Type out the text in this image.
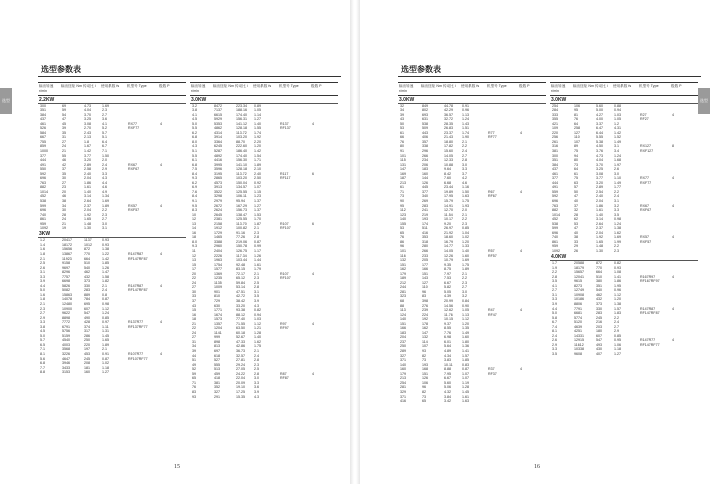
选型参数表
选型
输出转速 r/min
输出扭矩 Nm 传动比 i	使用系数 fs	机型号 Type	极数 P
2.2KW
300	69	4.73	1.69
351	59	4.04	2.3
384	54	3.70	2.7
437	47	3.25	3.6
461	45	3.08	4.1	RX77	4
526	39	2.70	5.2	RXF77
584	35	2.43	5.7
667	31	2.13	5.1
755	27	1.8	6.4
859	24	1.67	6.7
1000	21	1.42	7.1
377	55	3.77	1.50
444	46	3.20	2.0
491	42	2.89	2.4	RX67	4
550	37	2.58	2.9	RXF67
592	35	2.40	3.3
696	30	2.04	4.3
763	27	1.86	4.4
882	23	1.61	4.6
1014	20	1.40	4.9
452	46	3.14	1.34
538	38	2.64	1.69
599	34	2.37	1.89	RX57	4
696	30	2.04	2.2	RXF57
740	28	1.92	2.3
861	24	1.65	2.7
959	21	1.48	3.0
1092	19	1.30	3.1
3KW
1.2	20417	1137	0.93
1.4	18172	1012	0.93
1.6	15656	872	1.38
1.8	13867	770	1.22	R147R87	4
2.1	11923	664	1.42	RF147RF87
2.5	9158	510	1.85
2.6	9697	540	1.26
3.1	8296	462	1.47
3.3	7757	432	1.58
3.9	6698	373	1.82
4.4	5826	330	2.1	R147R87	4
5.0	5082	283	2.4	RF147RF87
1.6	15863	889	0.8
1.8	14078	784	0.87
2.1	12480	695	0.98
2.3	10900	607	1.12
2.7	9622	547	1.24
2.9	8898	490	0.85
3.3	7772	428	0.97	R137R77	4
3.8	6791	374	1.11	RF137RF77
4.5	5756	317	1.31
5.0	5159	286	1.45
5.7	4540	250	1.65
6.5	4003	220	1.89
7.1	3568	197	2.1
8.1	3226	453	0.91	R107R77	4
5.6	4647	245	0.87	RF107RF77
6.8	3946	208	1.02
7.7	3433	181	1.18
8.8	3153	160	1.27
输出转速 r/min
输出扭矩 Nm 传动比 i	使用系数 fs	机型号 Type	极数 P
3.0KW
3.2	8472	223.34	0.89
3.8	7137	188.16	1.05
4.1	6615	174.40	1.14
4.5	5929	156.31	1.27
5.0	5353	141.12	1.40	R137	4
5.5	4862	128.18	1.55	RF137
6.2	4314	113.72	1.74
6.8	3914	103.20	1.92
8.0	3364	88.70	2.20
4.3	6245	222.60	1.20
5.1	5287	186.40	1.42
5.5	4892	174.40	1.54
6.1	4416	156.30	1.71
6.8	3995	141.10	1.89
7.5	3596	128.18	2.10
8.4	3195	113.72	2.40	R117	6
9.3	2865	103.20	2.50	RF117
6.2	4573	150.04	0.92
6.9	3913	134.57	1.07
7.6	3522	125.55	1.15
8.4	3298	106.11	1.23
9.1	2979	95.94	1.37
9.5	2672	167.29	1.27
8.3	2624	156.73	1.37
10	2645	138.47	1.53
12	2381	125.55	1.70
13	2158	113.70	1.87	R107	6
14	1912	100.82	2.1	RF107
16	1729	91.16	2.3
18	1465	77.26	2.8
8.0	3388	219.06	0.87
9.3	2960	150.78	0.99
11	2404	126.75	1.17
12	2226	117.34	1.26
13	1963	103.44	1.44
15	1754	92.48	1.61
17	1577	83.15	1.79
20	1369	72.17	2.1	R107	4
22	1235	65.12	2.3	RF107
24	1135	59.84	2.5
27	1009	53.14	2.8
30	901	47.51	3.1
33	810	42.72	3.5
37	729	38.42	3.9
43	630	33.20	4.3
15	1771	93.38	0.82
16	1674	88.12	0.94
18	1573	77.40	1.03
21	1357	71.55	1.12	R97	4
22	1204	63.50	1.21	RF97
24	1141	60.18	1.28
27	999	52.67	1.40
31	898	47.33	1.62
34	813	42.86	1.75
39	697	36.73	2.1
44	618	32.57	2.4
51	527	27.81	2.8
49	555	29.24	2.3
52	513	27.05	2.5
59	459	24.22	2.8	R87	4
65	418	22.04	3.0	RF87
71	381	20.09	3.3
76	352	19.10	3.6
83	327	17.25	3.9
93	291	15.35	4.3
15
选型参数表
选型
输出转速 r/min
输出扭矩 Nm 传动比 i	使用系数 fs	机型号 Type	极数 P
3.0KW
32	849	44.78	0.91
34	802	42.29	0.96
39	693	36.57	1.13
43	631	32.72	1.24
50	538	28.35	1.43
53	509	26.83	1.51
61	443	23.37	1.74	R77	4
66	406	21.43	1.90	RF77
76	357	18.80	2.1
80	338	17.82	2.2
91	296	15.60	2.4
101	266	14.05	2.7
115	234	12.33	2.8
131	206	10.88	3.0
147	183	9.64	3.3
169	160	8.42	3.7
187	144	7.60	4.2
213	126	6.68	4.6
61	445	23.44	1.16
71	377	19.89	1.50	R67	4
73	340	17.95	1.63	RF67
90	269	15.79	1.75
95	283	14.91	1.93
112	241	12.70	2.0
123	219	11.54	2.1
140	193	10.17	2.2
155	174	9.20	2.3
53	511	26.97	0.85
65	416	21.92	1.04
76	353	18.60	1.02
86	318	16.79	1.20
96	280	14.77	1.33
101	266	14.05	1.40	R57	4
116	233	12.26	1.60	RF57
132	205	10.79	1.69
151	177	9.35	1.75
162	166	8.75	1.89
179	151	7.97	2.1
189	143	7.53	2.2
212	127	6.67	2.3
244	110	5.82	2.7
281	96	5.05	3.0
323	83	4.39	3.2
68	398	20.99	0.84
88	276	14.56	0.90
113	239	12.62	1.05	R47	4
124	224	11.76	1.13	RF47
140	192	10.15	1.12
151	178	9.37	1.20
166	162	8.55	1.35
183	147	7.76	1.49
204	132	6.98	1.60
237	114	6.01	1.80
250	107	5.64	1.36
289	93	4.89	1.41
327	82	4.34	1.57
371	73	3.83	1.85
140	193	10.11	0.83
160	168	8.88	0.87	R37	4
179	151	7.95	1.07	RF37
213	126	6.67	1.07
254	106	5.60	1.19
281	96	5.06	1.28
329	82	4.32	1.45
371	73	3.84	1.61
416	65	3.42	1.63
输出转速 r/min
输出扭矩 Nm 传动比 i	使用系数 fs	机型号 Type	极数 P
3.0KW
254	106	5.60	0.88
284	95	5.00	0.94
333	81	4.27	1.03	R27	4
355	76	4.00	1.05	RF27
421	64	3.37	1.2
109	258	6.47	4.31
220	127	6.44	1.42
256	110	5.55	1.52
261	107	5.38	1.49
316	89	4.50	3.1	RX127	8
381	75	3.76	3.4	RXF127
300	94	4.73	1.24
351	80	4.04	1.68
384	73	3.70	1.97
437	64	3.25	2.6
461	61	3.08	3.0
377	75	3.77	1.10	RX77	4
444	63	3.20	1.49	RXF77
491	57	2.89	1.77
559	50	2.54	2.2
592	47	2.40	2.4
696	40	2.04	3.1
763	37	1.86	3.2	RX67	4
882	32	1.61	3.3	RXF67
1014	28	1.40	3.5
452	62	3.14	0.98
538	53	2.64	1.24
599	47	2.37	1.38
696	40	2.04	1.62
740	38	1.92	1.69	RX57	4
861	33	1.65	1.99	RXF57
959	29	1.48	2.2
1092	26	1.30	2.3
4.0KW
1.7	20588	872	0.82
1.9	18179	770	0.93
2.2	15657	664	1.08
2.8	12041	510	1.41	R167R97	4
3.5	9615	380	1.86	RF167RF97
4.1	8273	351	1.95
2.7	12749	540	0.96
3.1	10908	462	1.12
3.3	10186	432	1.20
3.9	8806	373	1.38
4.4	7791	330	1.57	R147R87	4
5.0	6681	283	1.83	RF147RF87
5.8	5774	245	2.2
6.7	5120	216	2.4
7.4	4639	203	2.7
8.1	4251	180	2.9
2.4	14331	607	0.85
2.6	12915	547	0.95	R147R77	4
2.9	11612	493	1.06	RF147RF77
3.3	10338	430	1.18
3.5	9608	407	1.27
16
